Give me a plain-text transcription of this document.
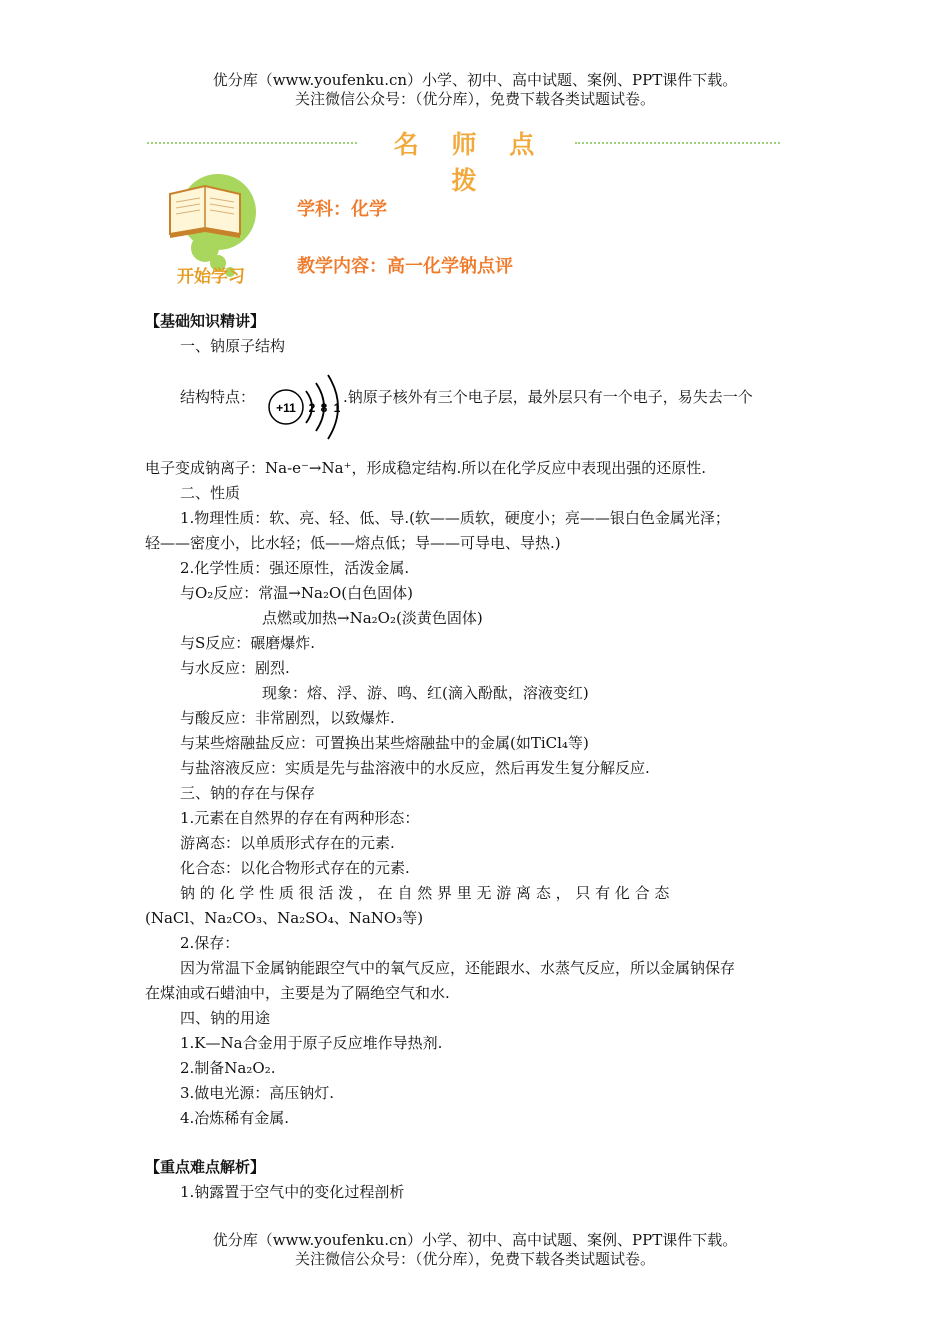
优分库（www.youfenku.cn）小学、初中、高中试题、案例、PPT课件下载。
关注微信公众号：（优分库），免费下载各类试题试卷。
名 师 点 拨
开始学习
学科：化学
教学内容：高一化学钠点评
【基础知识精讲】
一、钠原子结构
结构特点：
+11 2 8 1
.钠原子核外有三个电子层，最外层只有一个电子，易失去一个
电子变成钠离子：Na-e⁻→Na⁺，形成稳定结构.所以在化学反应中表现出强的还原性.
二、性质
1.物理性质：软、亮、轻、低、导.(软——质软，硬度小；亮——银白色金属光泽；
轻——密度小，比水轻；低——熔点低；导——可导电、导热.)
2.化学性质：强还原性，活泼金属.
与O₂反应：常温→Na₂O(白色固体)
点燃或加热→Na₂O₂(淡黄色固体)
与S反应：碾磨爆炸.
与水反应：剧烈.
现象：熔、浮、游、鸣、红(滴入酚酞，溶液变红)
与酸反应：非常剧烈，以致爆炸.
与某些熔融盐反应：可置换出某些熔融盐中的金属(如TiCl₄等)
与盐溶液反应：实质是先与盐溶液中的水反应，然后再发生复分解反应.
三、钠的存在与保存
1.元素在自然界的存在有两种形态：
游离态：以单质形式存在的元素.
化合态：以化合物形式存在的元素.
钠 的 化 学 性 质 很 活 泼 ， 在 自 然 界 里 无 游 离 态 ， 只 有 化 合 态
(NaCl、Na₂CO₃、Na₂SO₄、NaNO₃等)
2.保存：
因为常温下金属钠能跟空气中的氧气反应，还能跟水、水蒸气反应，所以金属钠保存
在煤油或石蜡油中，主要是为了隔绝空气和水.
四、钠的用途
1.K—Na合金用于原子反应堆作导热剂.
2.制备Na₂O₂.
3.做电光源：高压钠灯.
4.冶炼稀有金属.
【重点难点解析】
1.钠露置于空气中的变化过程剖析
优分库（www.youfenku.cn）小学、初中、高中试题、案例、PPT课件下载。
关注微信公众号：（优分库），免费下载各类试题试卷。
